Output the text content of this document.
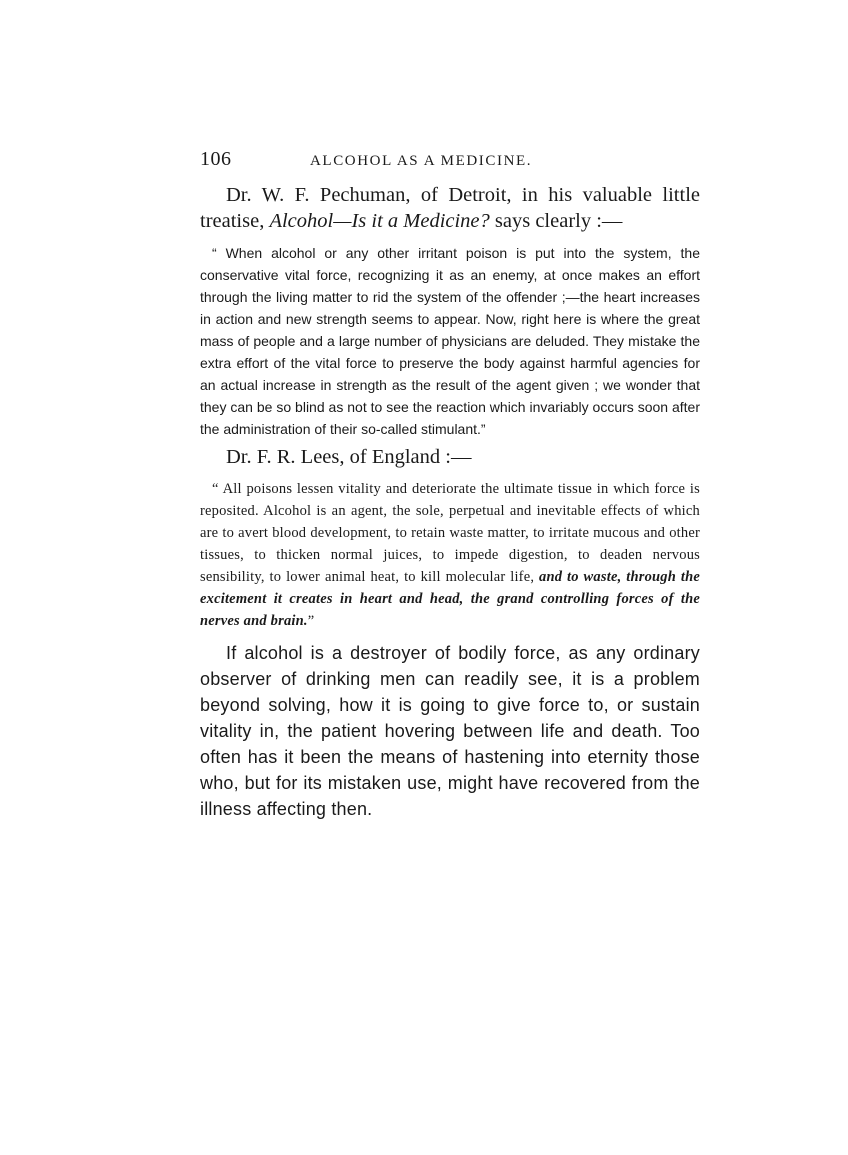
106	ALCOHOL AS A MEDICINE.

Dr. W. F. Pechuman, of Detroit, in his valuable little treatise, Alcohol—Is it a Medicine? says clearly :—

“ When alcohol or any other irritant poison is put into the system, the conservative vital force, recognizing it as an enemy, at once makes an effort through the living matter to rid the system of the offender ;—the heart increases in action and new strength seems to appear. Now, right here is where the great mass of people and a large number of physicians are deluded. They mistake the extra effort of the vital force to preserve the body against harmful agencies for an actual increase in strength as the result of the agent given ; we wonder that they can be so blind as not to see the reaction which invariably occurs soon after the administration of their so-called stimulant.”

Dr. F. R. Lees, of England :—

“ All poisons lessen vitality and deteriorate the ultimate tissue in which force is reposited. Alcohol is an agent, the sole, perpetual and inevitable effects of which are to avert blood development, to retain waste matter, to irritate mucous and other tissues, to thicken normal juices, to impede digestion, to deaden nervous sensibility, to lower animal heat, to kill molecular life, and to waste, through the excitement it creates in heart and head, the grand controlling forces of the nerves and brain.”

If alcohol is a destroyer of bodily force, as any ordinary observer of drinking men can readily see, it is a problem beyond solving, how it is going to give force to, or sustain vitality in, the patient hovering between life and death. Too often has it been the means of hastening into eternity those who, but for its mistaken use, might have recovered from the illness affecting then.
